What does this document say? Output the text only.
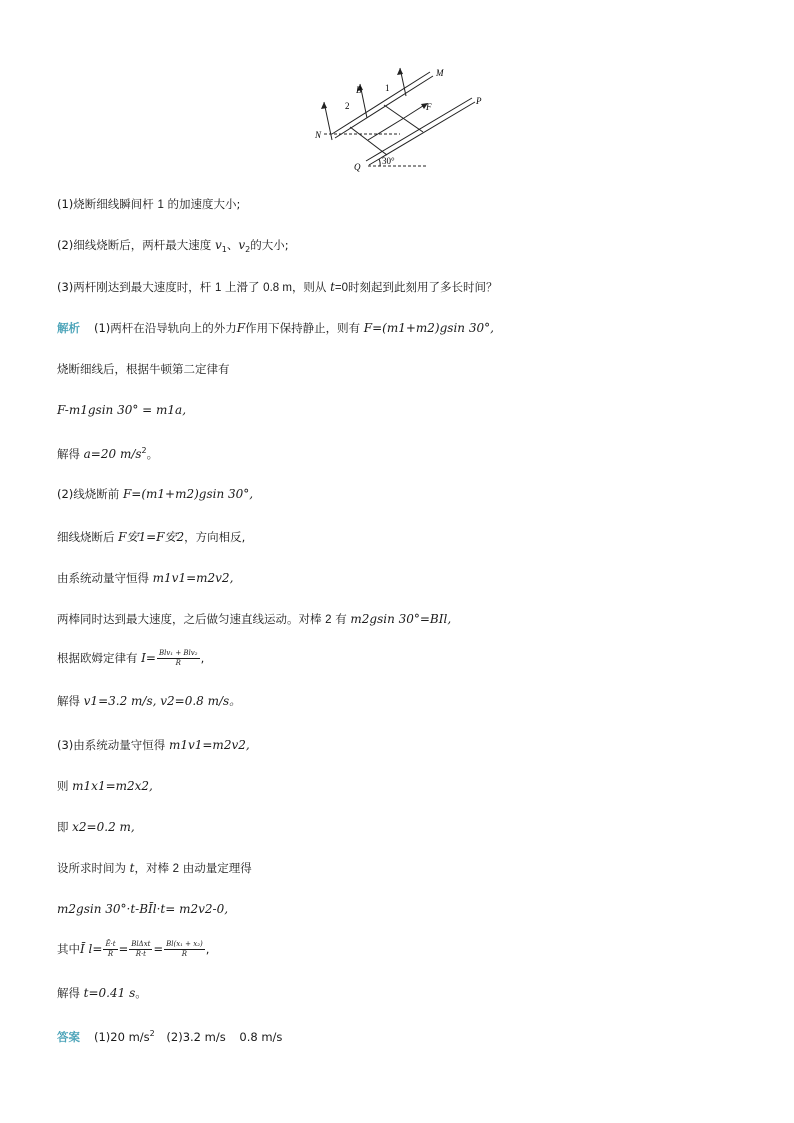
B	1
2
M
F
P
N
Q
30°
(1)烧断细线瞬间杆 1 的加速度大小;
(2)细线烧断后，两杆最大速度 $v_1$、$v_2$的大小;
(3)两杆刚达到最大速度时，杆 1 上滑了 0.8 m，则从 t=0时刻起到此刻用了多长时间？
解析 (1)两杆在沿导轨向上的外力F作用下保持静止，则有 F=(m1+m2)gsin 30°,
烧断细线后，根据牛顿第二定律有
F-m1gsin 30° = m1a,
解得 a=20 $m/s^2$。
(2)线烧断前 F=(m1+m2)gsin 30°,
细线烧断后 F安1=F安2，方向相反,
由系统动量守恒得 m1v1=m2v2,
两棒同时达到最大速度，之后做匀速直线运动。对棒 2 有 m2gsin 30°=BIl,
根据欧姆定律有 $I= \frac{\text{Blv₁ + Blv₂}}{R}$ ,
解得 v1=3.2 m/s, v2=0.8 m/s。
(3)由系统动量守恒得 m1v1=m2v2,
则 m1x1=m2x2,
即 x2=0.2 m,
设所求时间为 t，对棒 2 由动量定理得
m2gsin 30°·t-BĪl·t= m2v2-0,
其中Ī $l= \frac{Ē\cdot t}{R} = \frac{\text{BlΔxt}}{R\cdot t} = \frac{\text{Bl(x₁ + x₂)}}{R}$ ,
解得 t=0.41 s。
答案 (1)20 $m/s^2$ (2)3.2 m/s 0.8 m/s
